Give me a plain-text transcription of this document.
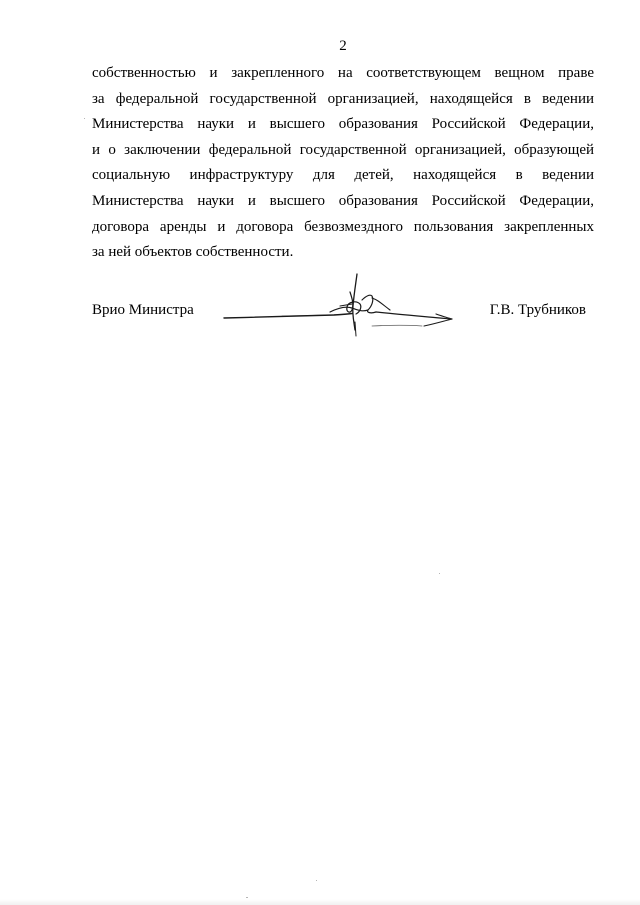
2
собственностью и закрепленного на соответствующем вещном праве
за федеральной государственной организацией, находящейся в ведении
Министерства науки и высшего образования Российской Федерации,
и о заключении федеральной государственной организацией, образующей
социальную инфраструктуру для детей, находящейся в ведении
Министерства науки и высшего образования Российской Федерации,
договора аренды и договора безвозмездного пользования закрепленных
за ней объектов собственности.
Врио Министра	Г.В. Трубников
